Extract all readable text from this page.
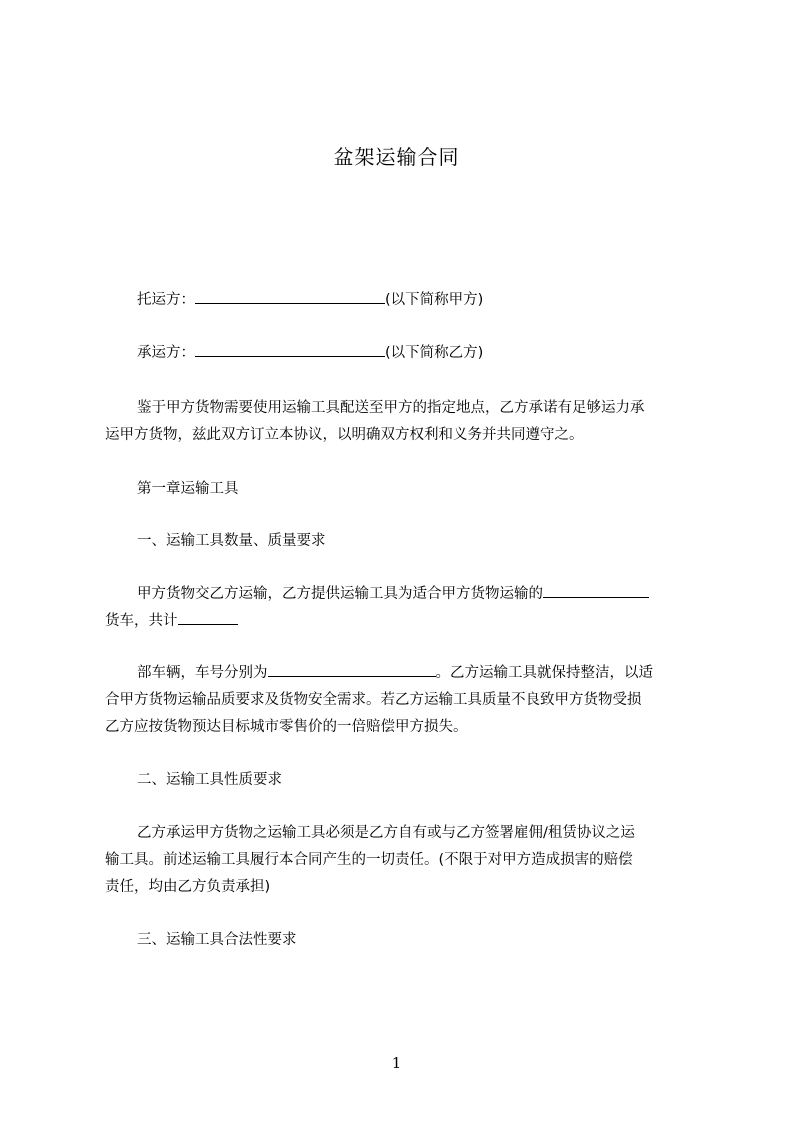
盆架运输合同
托运方：	(以下简称甲方)
承运方：	(以下简称乙方)
鉴于甲方货物需要使用运输工具配送至甲方的指定地点，乙方承诺有足够运力承
运甲方货物，兹此双方订立本协议，以明确双方权利和义务并共同遵守之。
第一章运输工具
一、运输工具数量、质量要求
甲方货物交乙方运输，乙方提供运输工具为适合甲方货物运输的
货车，共计
部车辆，车号分别为	。乙方运输工具就保持整洁，以适
合甲方货物运输品质要求及货物安全需求。若乙方运输工具质量不良致甲方货物受损
乙方应按货物预达目标城市零售价的一倍赔偿甲方损失。
二、运输工具性质要求
乙方承运甲方货物之运输工具必须是乙方自有或与乙方签署雇佣/租赁协议之运
输工具。前述运输工具履行本合同产生的一切责任。(不限于对甲方造成损害的赔偿
责任，均由乙方负责承担)
三、运输工具合法性要求
1
